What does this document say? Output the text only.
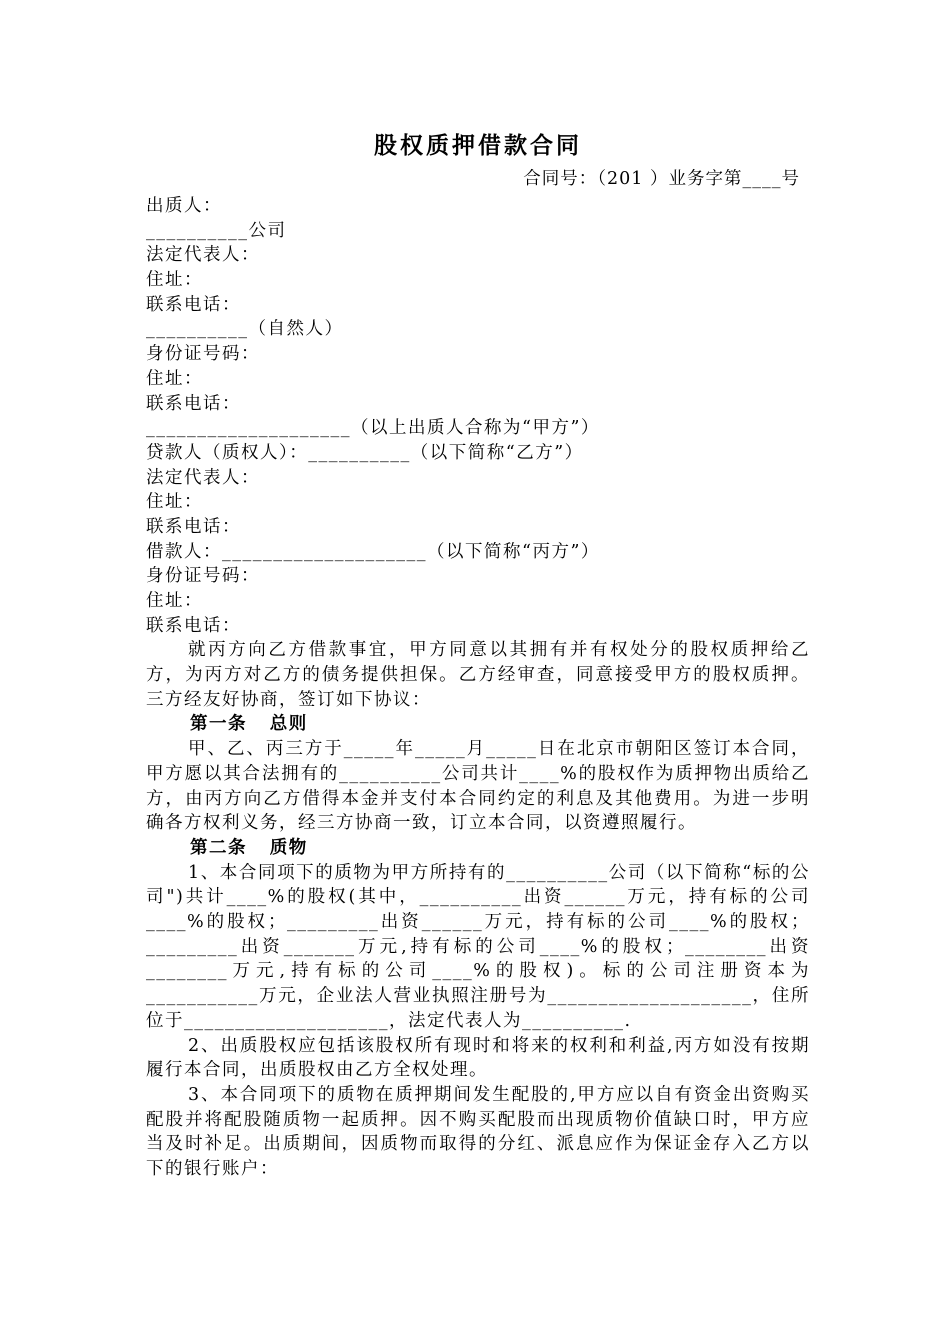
股权质押借款合同
合同号：（201 ）业务字第____号
出质人：
__________公司
法定代表人：
住址：
联系电话：
__________（自然人）
身份证号码：
住址：
联系电话：
____________________（以上出质人合称为“甲方”）
贷款人（质权人）：__________（以下简称“乙方”）
法定代表人：
住址：
联系电话：
借款人：____________________（以下简称“丙方”）
身份证号码：
住址：
联系电话：
就丙方向乙方借款事宜，甲方同意以其拥有并有权处分的股权质押给乙方，为丙方对乙方的债务提供担保。乙方经审查，同意接受甲方的股权质押。三方经友好协商，签订如下协议：
第一条   总则
甲、乙、丙三方于_____年_____月_____日在北京市朝阳区签订本合同，甲方愿以其合法拥有的__________公司共计____%的股权作为质押物出质给乙方，由丙方向乙方借得本金并支付本合同约定的利息及其他费用。为进一步明确各方权利义务，经三方协商一致，订立本合同，以资遵照履行。
第二条   质物
1、本合同项下的质物为甲方所持有的__________公司（以下简称“标的公司")共计____%的股权(其中，__________出资______万元，持有标的公司____%的股权；_________出资______万元，持有标的公司____%的股权；_________出资_______万元,持有标的公司____%的股权；________出资________万元,持有标的公司____%的股权)。标的公司注册资本为___________万元，企业法人营业执照注册号为____________________，住所位于____________________，法定代表人为__________.
2、出质股权应包括该股权所有现时和将来的权利和利益,丙方如没有按期履行本合同，出质股权由乙方全权处理。
3、本合同项下的质物在质押期间发生配股的,甲方应以自有资金出资购买配股并将配股随质物一起质押。因不购买配股而出现质物价值缺口时，甲方应当及时补足。出质期间，因质物而取得的分红、派息应作为保证金存入乙方以下的银行账户：
